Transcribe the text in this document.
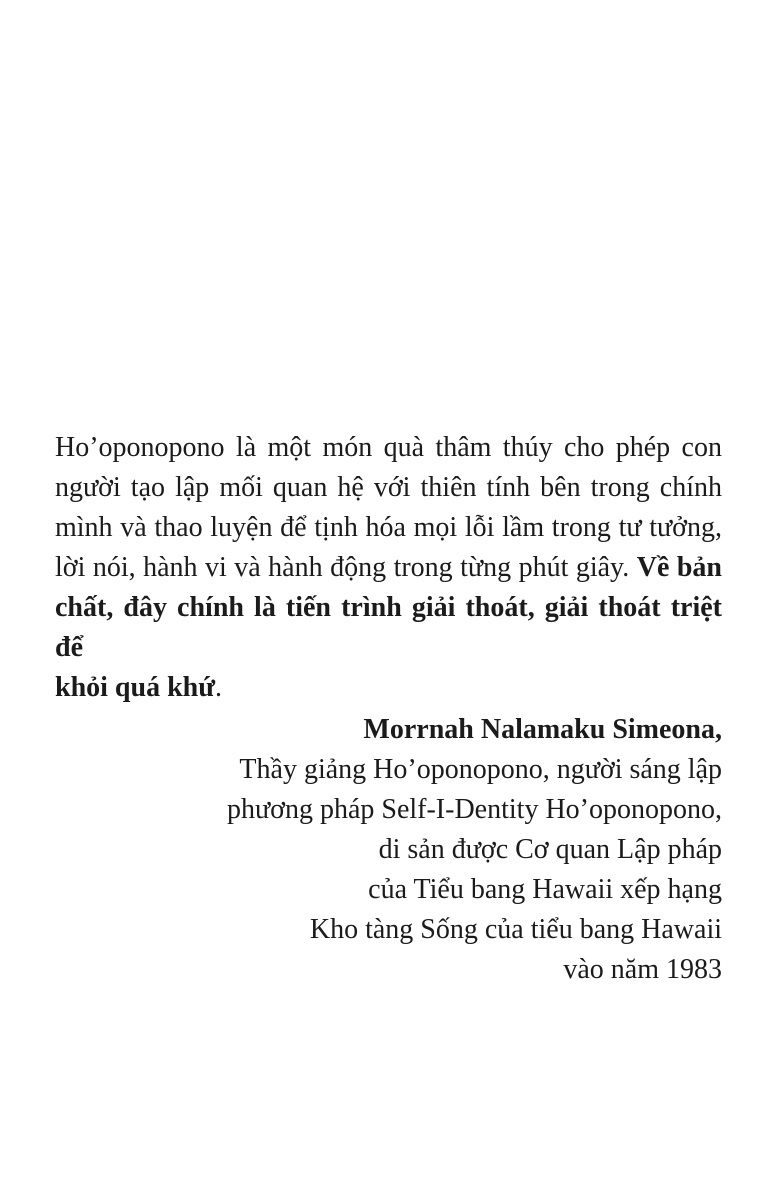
Ho’oponopono là một món quà thâm thúy cho phép con
người tạo lập mối quan hệ với thiên tính bên trong chính
mình và thao luyện để tịnh hóa mọi lỗi lầm trong tư tưởng,
lời nói, hành vi và hành động trong từng phút giây. Về bản
chất, đây chính là tiến trình giải thoát, giải thoát triệt để
khỏi quá khứ.
Morrnah Nalamaku Simeona,
Thầy giảng Ho’oponopono, người sáng lập
phương pháp Self-I-Dentity Ho’oponopono,
di sản được Cơ quan Lập pháp
của Tiểu bang Hawaii xếp hạng
Kho tàng Sống của tiểu bang Hawaii
vào năm 1983
